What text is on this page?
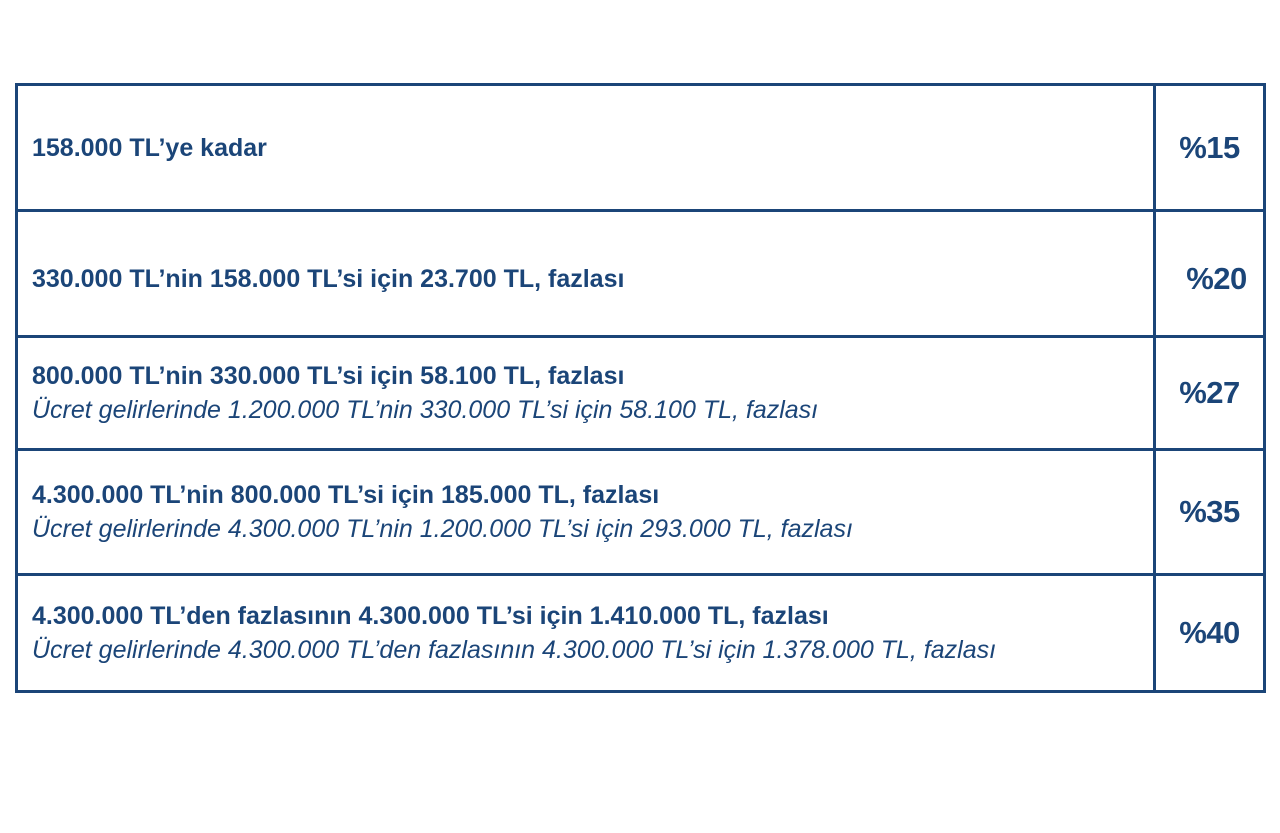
158.000 TL’ye kadar	%15
330.000 TL’nin 158.000 TL’si için 23.700 TL, fazlası	%20
800.000 TL’nin 330.000 TL’si için 58.100 TL, fazlası
Ücret gelirlerinde 1.200.000 TL’nin 330.000 TL’si için 58.100 TL, fazlası	%27
4.300.000 TL’nin 800.000 TL’si için 185.000 TL, fazlası
Ücret gelirlerinde 4.300.000 TL’nin 1.200.000 TL’si için 293.000 TL, fazlası	%35
4.300.000 TL’den fazlasının 4.300.000 TL’si için 1.410.000 TL, fazlası
Ücret gelirlerinde 4.300.000 TL’den fazlasının 4.300.000 TL’si için 1.378.000 TL, fazlası	%40
